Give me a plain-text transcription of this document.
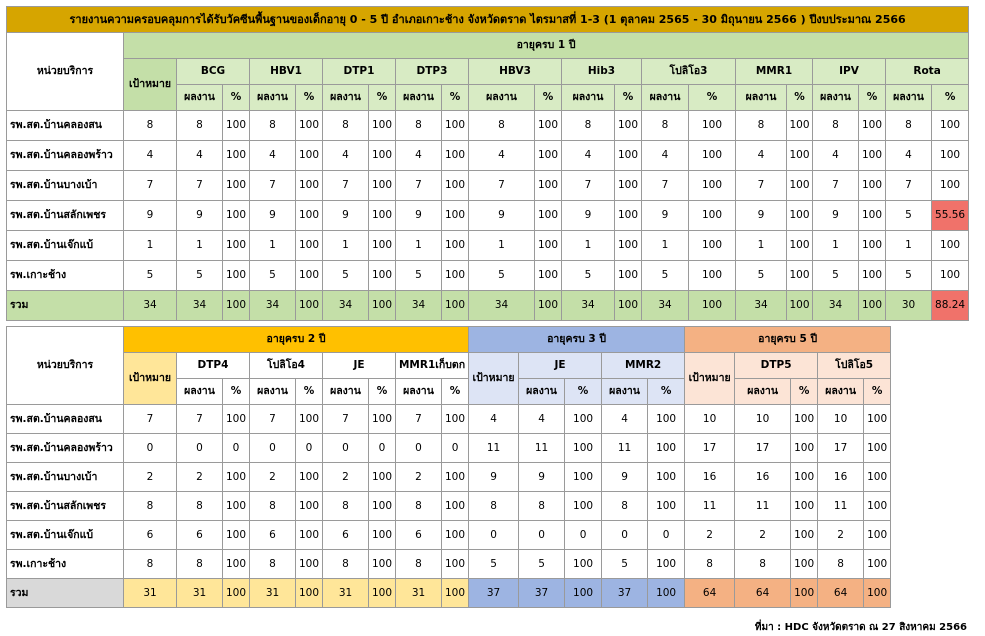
รายงานความครอบคลุมการได้รับวัคซีนพื้นฐานของเด็กอายุ 0 - 5 ปี อำเภอเกาะช้าง จังหวัดตราด ไตรมาสที่ 1-3 (1 ตุลาคม 2565 - 30 มิถุนายน 2566 ) ปีงบประมาณ 2566																					
หน่วยบริการ	อายุครบ 1 ปี																				
	เป้าหมาย	BCG		HBV1		DTP1		DTP3		HBV3		Hib3		โปลิโอ3		MMR1		IPV		Rota	
		ผลงาน	%	ผลงาน	%	ผลงาน	%	ผลงาน	%	ผลงาน	%	ผลงาน	%	ผลงาน	%	ผลงาน	%	ผลงาน	%	ผลงาน	%
รพ.สต.บ้านคลองสน	8	8	100	8	100	8	100	8	100	8	100	8	100	8	100	8	100	8	100	8	100
รพ.สต.บ้านคลองพร้าว	4	4	100	4	100	4	100	4	100	4	100	4	100	4	100	4	100	4	100	4	100
รพ.สต.บ้านบางเบ้า	7	7	100	7	100	7	100	7	100	7	100	7	100	7	100	7	100	7	100	7	100
รพ.สต.บ้านสลักเพชร	9	9	100	9	100	9	100	9	100	9	100	9	100	9	100	9	100	9	100	5	55.56
รพ.สต.บ้านเจ๊กแบ้	1	1	100	1	100	1	100	1	100	1	100	1	100	1	100	1	100	1	100	1	100
รพ.เกาะช้าง	5	5	100	5	100	5	100	5	100	5	100	5	100	5	100	5	100	5	100	5	100
รวม	34	34	100	34	100	34	100	34	100	34	100	34	100	34	100	34	100	34	100	30	88.24
หน่วยบริการ	อายุครบ 2 ปี									อายุครบ 3 ปี					อายุครบ 5 ปี				
	เป้าหมาย	DTP4		โปลิโอ4		JE		MMR1เก็บตก		เป้าหมาย	JE		MMR2		เป้าหมาย	DTP5		โปลิโอ5	
		ผลงาน	%	ผลงาน	%	ผลงาน	%	ผลงาน	%		ผลงาน	%	ผลงาน	%		ผลงาน	%	ผลงาน	%
รพ.สต.บ้านคลองสน	7	7	100	7	100	7	100	7	100	4	4	100	4	100	10	10	100	10	100
รพ.สต.บ้านคลองพร้าว	0	0	0	0	0	0	0	0	0	11	11	100	11	100	17	17	100	17	100
รพ.สต.บ้านบางเบ้า	2	2	100	2	100	2	100	2	100	9	9	100	9	100	16	16	100	16	100
รพ.สต.บ้านสลักเพชร	8	8	100	8	100	8	100	8	100	8	8	100	8	100	11	11	100	11	100
รพ.สต.บ้านเจ๊กแบ้	6	6	100	6	100	6	100	6	100	0	0	0	0	0	2	2	100	2	100
รพ.เกาะช้าง	8	8	100	8	100	8	100	8	100	5	5	100	5	100	8	8	100	8	100
รวม	31	31	100	31	100	31	100	31	100	37	37	100	37	100	64	64	100	64	100
ที่มา : HDC จังหวัดตราด ณ 27 สิงหาคม 2566
